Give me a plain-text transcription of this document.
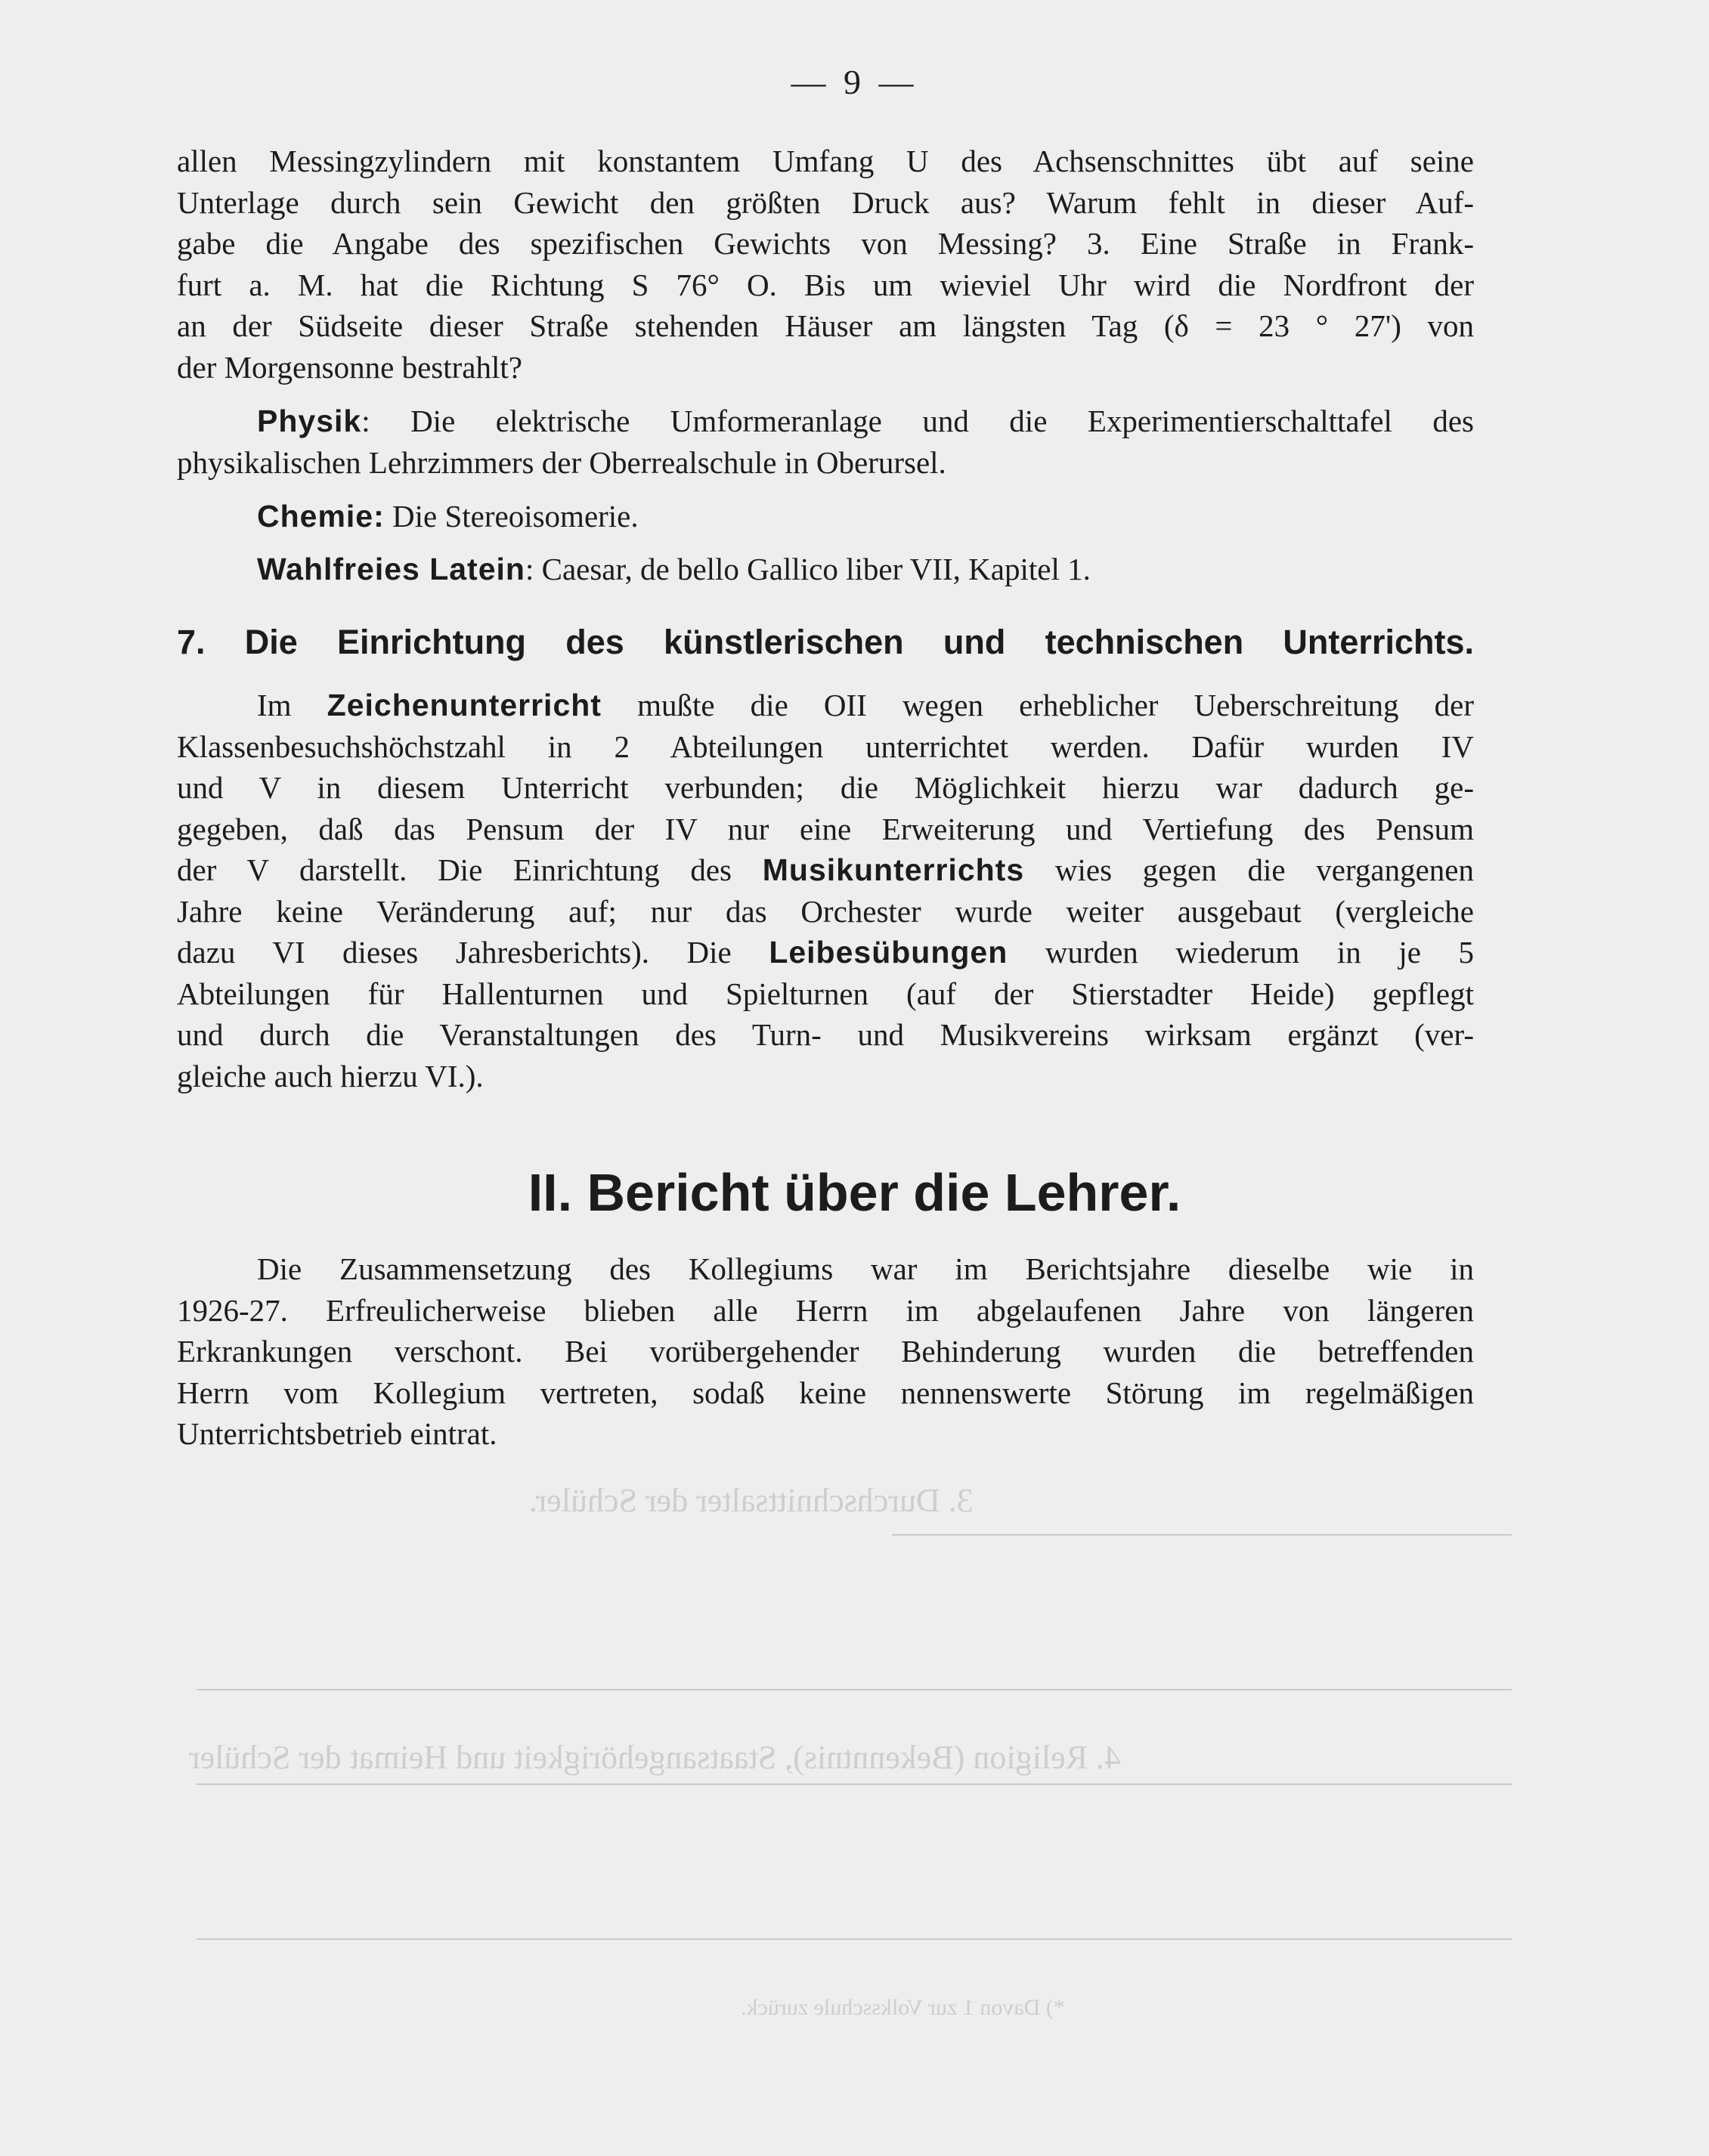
3. Durchschnittsalter der Schüler.
4. Religion (Bekenntnis), Staatsangehörigkeit und Heimat der Schüler
*) Davon 1 zur Volksschule zurück.
— 9 —
allen Messingzylindern mit konstantem Umfang U des Achsenschnittes übt auf seine
Unterlage durch sein Gewicht den größten Druck aus? Warum fehlt in dieser Auf-
gabe die Angabe des spezifischen Gewichts von Messing? 3. Eine Straße in Frank-
furt a. M. hat die Richtung S 76° O. Bis um wieviel Uhr wird die Nordfront der
an der Südseite dieser Straße stehenden Häuser am längsten Tag (δ = 23 ° 27') von
der Morgensonne bestrahlt?
Physik: Die elektrische Umformeranlage und die Experimentierschalttafel des
physikalischen Lehrzimmers der Oberrealschule in Oberursel.
Chemie: Die Stereoisomerie.
Wahlfreies Latein: Caesar, de bello Gallico liber VII, Kapitel 1.
7. Die Einrichtung des künstlerischen und technischen Unterrichts.
Im Zeichenunterricht mußte die OII wegen erheblicher Ueberschreitung der
Klassenbesuchshöchstzahl in 2 Abteilungen unterrichtet werden. Dafür wurden IV
und V in diesem Unterricht verbunden; die Möglichkeit hierzu war dadurch ge-
gegeben, daß das Pensum der IV nur eine Erweiterung und Vertiefung des Pensum
der V darstellt. Die Einrichtung des Musikunterrichts wies gegen die vergangenen
Jahre keine Veränderung auf; nur das Orchester wurde weiter ausgebaut (vergleiche
dazu VI dieses Jahresberichts). Die Leibesübungen wurden wiederum in je 5
Abteilungen für Hallenturnen und Spielturnen (auf der Stierstadter Heide) gepflegt
und durch die Veranstaltungen des Turn- und Musikvereins wirksam ergänzt (ver-
gleiche auch hierzu VI.).
II. Bericht über die Lehrer.
Die Zusammensetzung des Kollegiums war im Berichtsjahre dieselbe wie in
1926-27. Erfreulicherweise blieben alle Herrn im abgelaufenen Jahre von längeren
Erkrankungen verschont. Bei vorübergehender Behinderung wurden die betreffenden
Herrn vom Kollegium vertreten, sodaß keine nennenswerte Störung im regelmäßigen
Unterrichtsbetrieb eintrat.
